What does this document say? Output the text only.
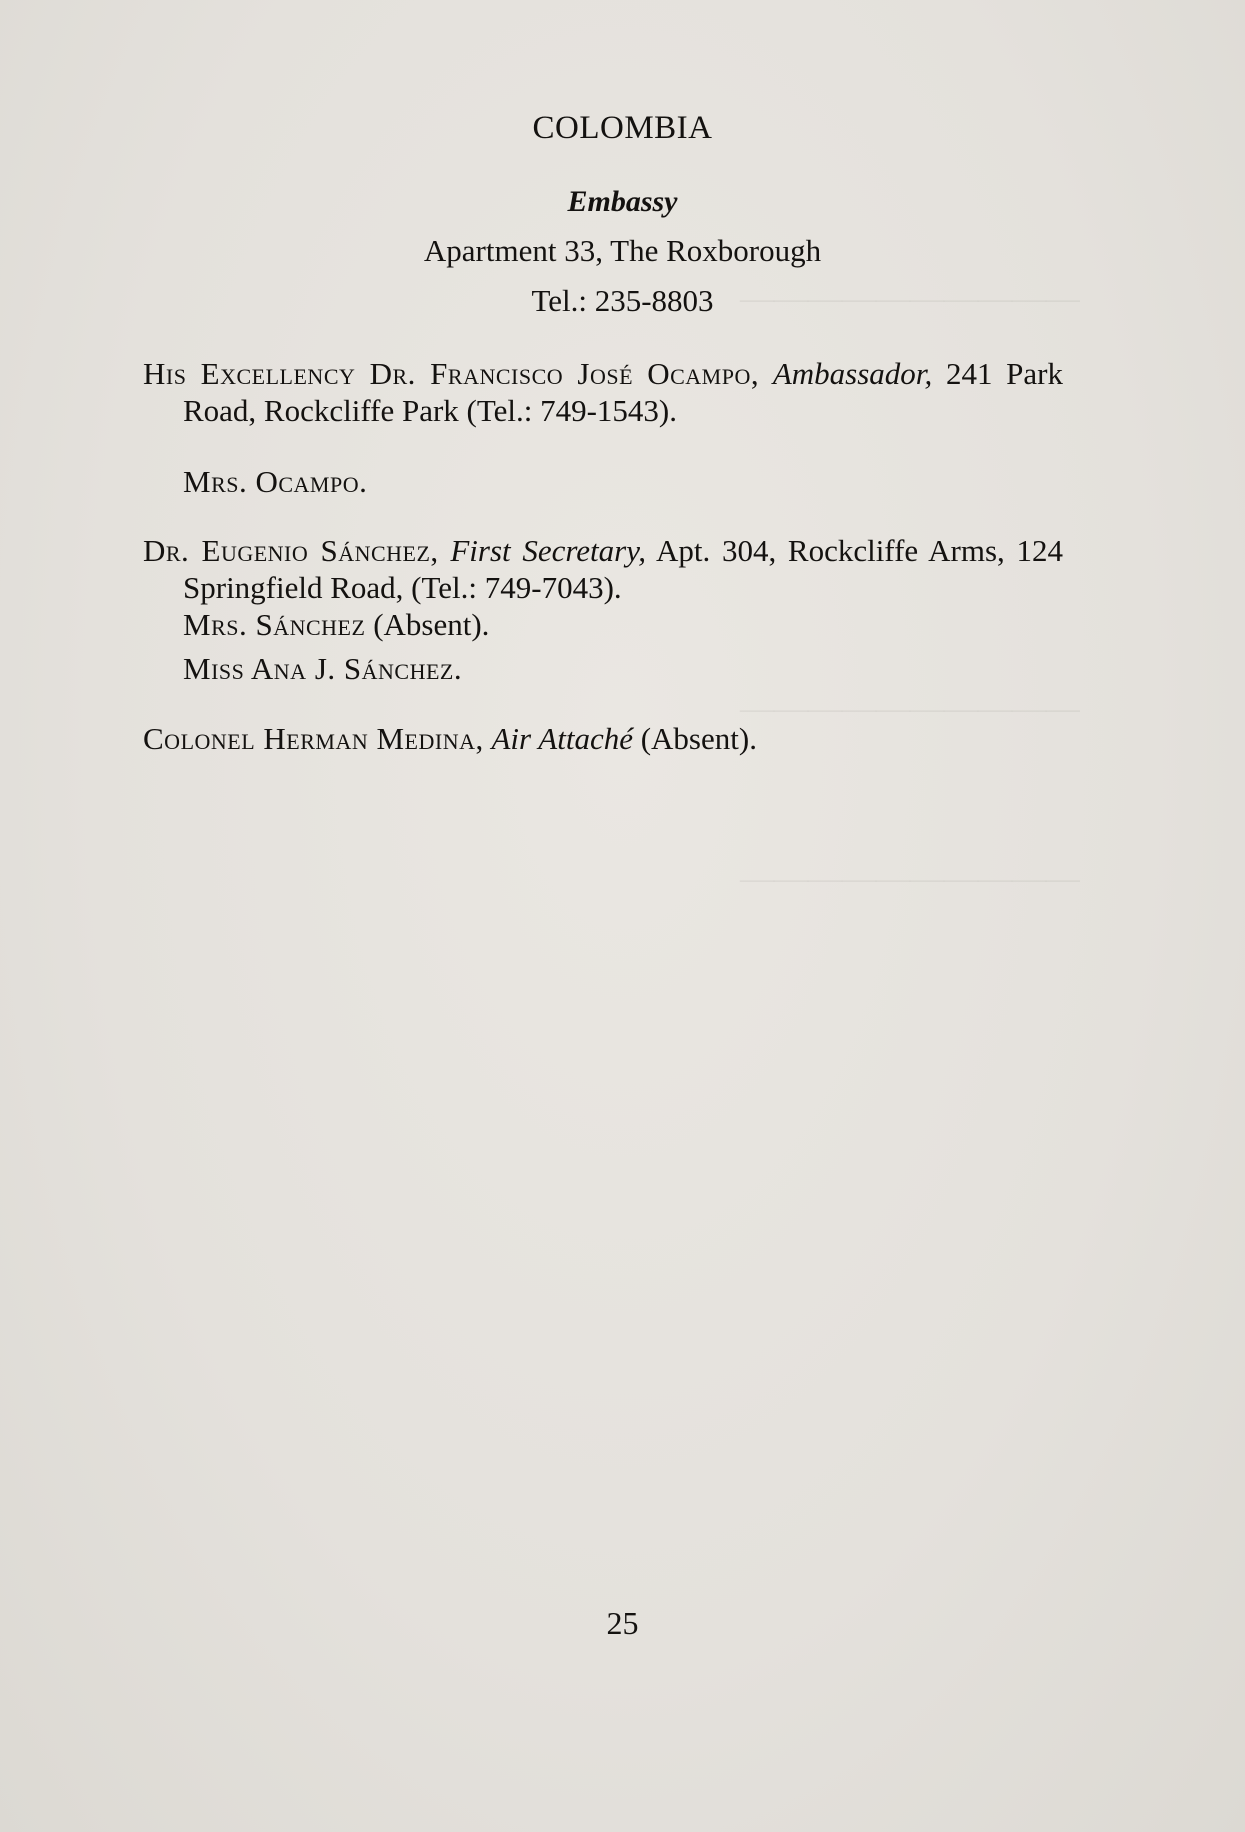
——————————
——————————
——————————
COLOMBIA
Embassy
Apartment 33, The Roxborough
Tel.: 235-8803

His Excellency Dr. Francisco José Ocampo, Ambassador, 241 Park Road, Rockcliffe Park (Tel.: 749-1543).

Mrs. Ocampo.

Dr. Eugenio Sánchez, First Secretary, Apt. 304, Rockcliffe Arms, 124 Springfield Road, (Tel.: 749-7043).

Mrs. Sánchez (Absent).
Miss Ana J. Sánchez.

Colonel Herman Medina, Air Attaché (Absent).

25
